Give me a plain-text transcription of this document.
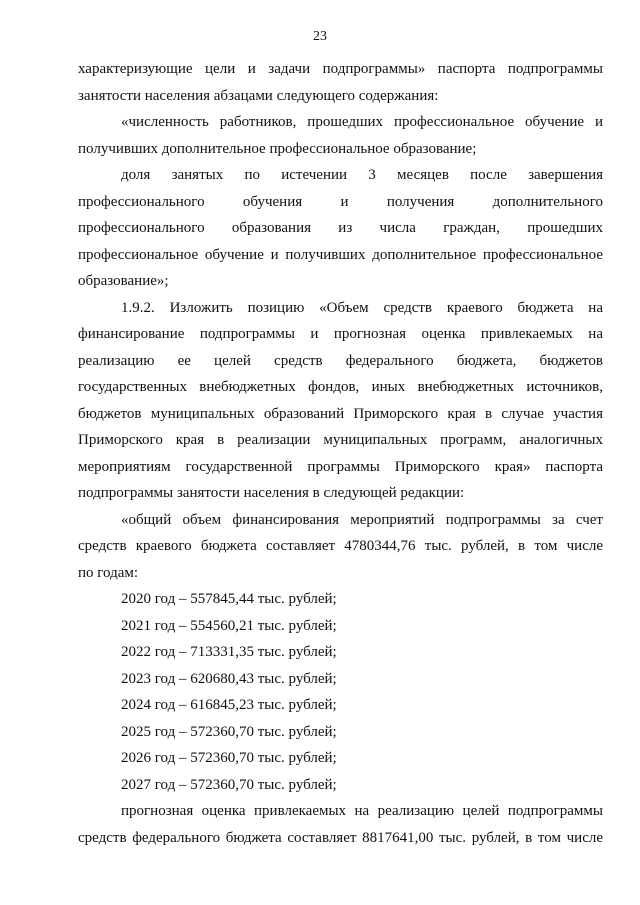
23
характеризующие цели и задачи подпрограммы» паспорта подпрограммы
занятости населения абзацами следующего содержания:
«численность работников, прошедших профессиональное обучение и
получивших дополнительное профессиональное образование;
доля занятых по истечении 3 месяцев после завершения
профессионального обучения и получения дополнительного
профессионального образования из числа граждан, прошедших
профессиональное обучение и получивших дополнительное профессиональное
образование»;
1.9.2. Изложить позицию «Объем средств краевого бюджета на
финансирование подпрограммы и прогнозная оценка привлекаемых на
реализацию ее целей средств федерального бюджета, бюджетов
государственных внебюджетных фондов, иных внебюджетных источников,
бюджетов муниципальных образований Приморского края в случае участия
Приморского края в реализации муниципальных программ, аналогичных
мероприятиям государственной программы Приморского края» паспорта
подпрограммы занятости населения в следующей редакции:
«общий объем финансирования мероприятий подпрограммы за счет
средств краевого бюджета составляет 4780344,76 тыс. рублей, в том числе
по годам:
2020 год – 557845,44 тыс. рублей;
2021 год – 554560,21 тыс. рублей;
2022 год – 713331,35 тыс. рублей;
2023 год – 620680,43 тыс. рублей;
2024 год – 616845,23 тыс. рублей;
2025 год – 572360,70 тыс. рублей;
2026 год – 572360,70 тыс. рублей;
2027 год – 572360,70 тыс. рублей;
прогнозная оценка привлекаемых на реализацию целей подпрограммы
средств федерального бюджета составляет 8817641,00 тыс. рублей, в том числе
